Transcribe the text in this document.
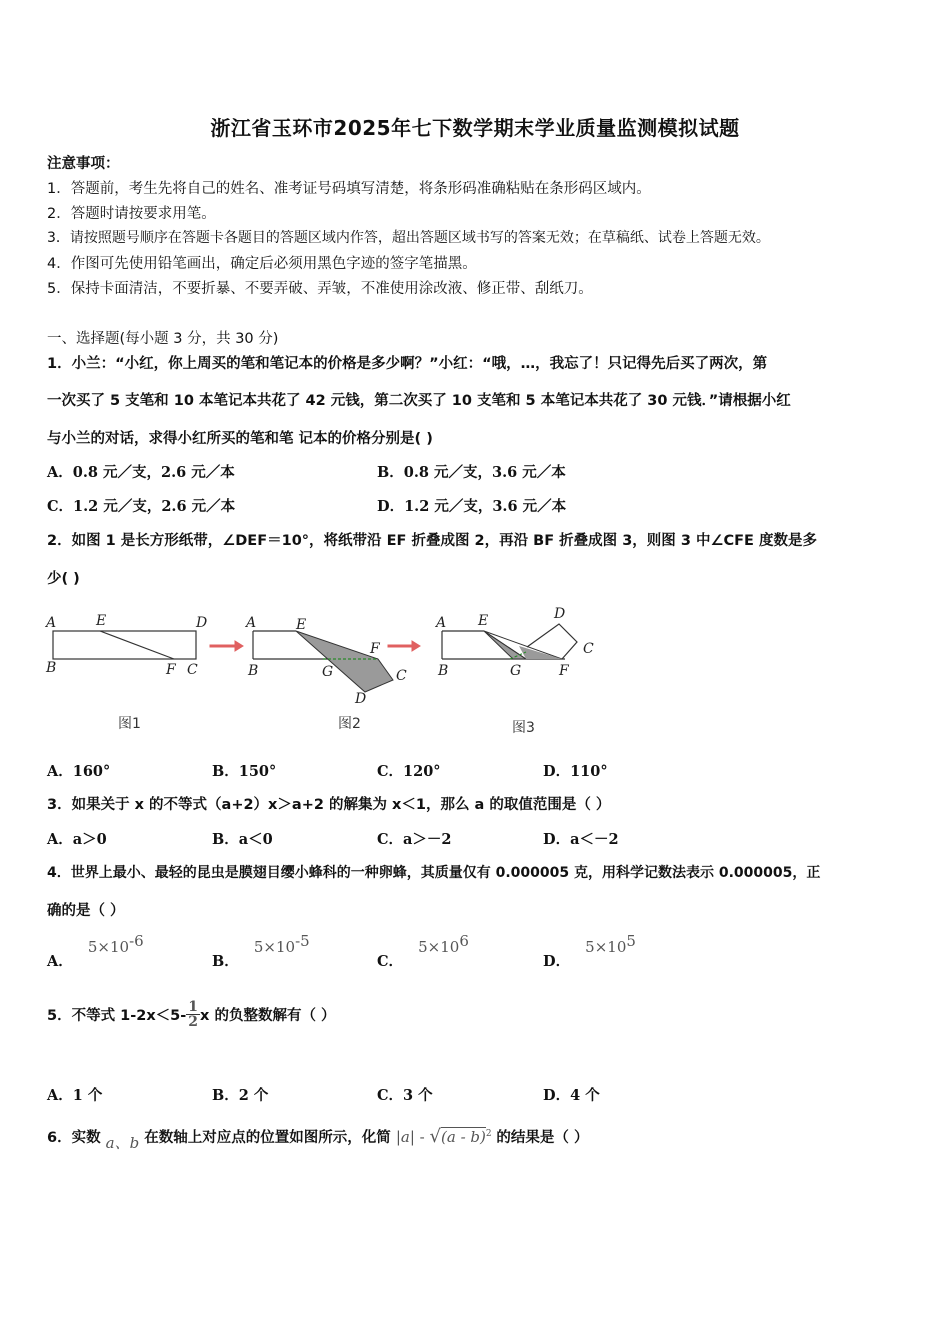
浙江省玉环市2025年七下数学期末学业质量监测模拟试题
注意事项：
1．答题前，考生先将自己的姓名、准考证号码填写清楚，将条形码准确粘贴在条形码区域内。
2．答题时请按要求用笔。
3．请按照题号顺序在答题卡各题目的答题区域内作答，超出答题区域书写的答案无效；在草稿纸、试卷上答题无效。
4．作图可先使用铅笔画出，确定后必须用黑色字迹的签字笔描黑。
5．保持卡面清洁，不要折暴、不要弄破、弄皱，不准使用涂改液、修正带、刮纸刀。
一、选择题(每小题 3 分，共 30 分)
1．小兰：“小红，你上周买的笔和笔记本的价格是多少啊？”小红：“哦，…，我忘了！只记得先后买了两次，第
一次买了 5 支笔和 10 本笔记本共花了 42 元钱，第二次买了 10 支笔和 5 本笔记本共花了 30 元钱．”请根据小红
与小兰的对话，求得小红所买的笔和笔 记本的价格分别是( )
A．0.8 元／支，2.6 元／本	B．0.8 元／支，3.6 元／本
C．1.2 元／支，2.6 元／本	D．1.2 元／支，3.6 元／本
2．如图 1 是长方形纸带，∠DEF＝10°，将纸带沿 EF 折叠成图 2，再沿 BF 折叠成图 3，则图 3 中∠CFE 度数是多
少( )
A	E	D
B	F C
A	E
F
B	G	C
D
A E	D
C
B	G	F
图1	图2	图3
A．160°	B．150°	C．120°	D．110°
3．如果关于 x 的不等式（a+2）x＞a+2 的解集为 x＜1，那么 a 的取值范围是（ ）
A．a＞0	B．a＜0	C．a＞－2	D．a＜－2
4．世界上最小、最轻的昆虫是膜翅目缨小蜂科的一种卵蜂，其质量仅有 0.000005 克，用科学记数法表示 0.000005，正
确的是（ ）
A． $5\times 10^{-6}$
B． $5\times 10^{-5}$
C． $5\times 10^6$
D． $5\times 10^5$
5．不等式 $1-2x<5- \frac{1}{2}$ x 的负整数解有（ ）
A．1 个	B．2 个	C．3 个	D．4 个
6．实数 a、b 在数轴上对应点的位置如图所示，化简 |a| - √(a - b)$^2$ 的结果是（ ）
